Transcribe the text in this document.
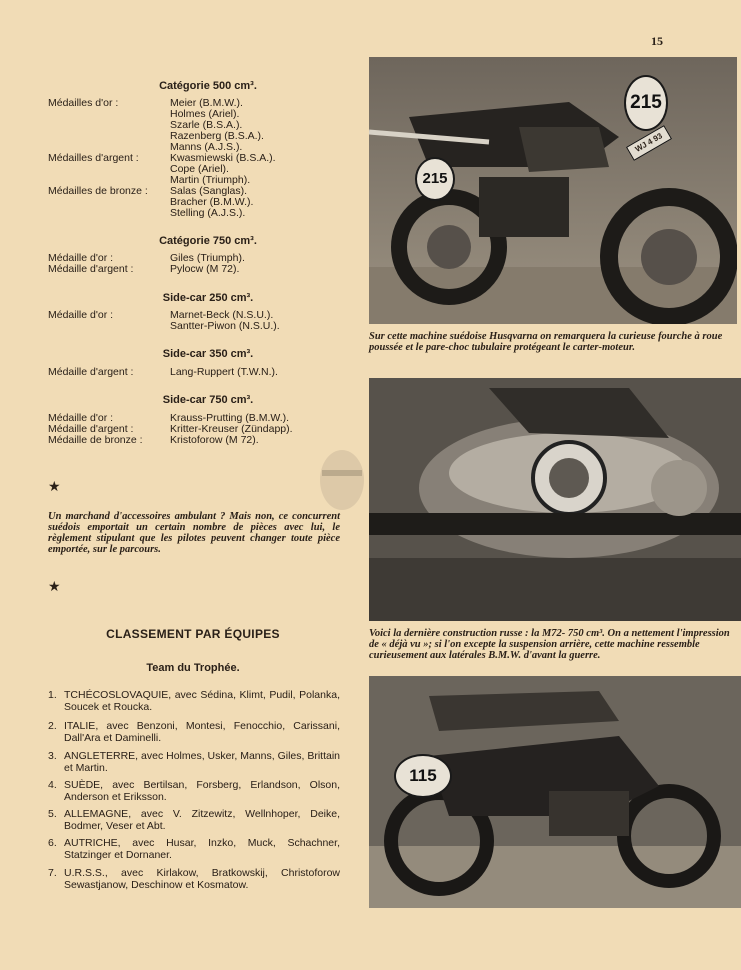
15
Catégorie 500 cm³.
Médailles d'or :	Meier (B.M.W.).
Holmes (Ariel).
Szarle (B.S.A.).
Razenberg (B.S.A.).
Manns (A.J.S.).
Médailles d'argent :	Kwasmiewski (B.S.A.).
Cope (Ariel).
Martin (Triumph).
Médailles de bronze : Salas (Sanglas).
Bracher (B.M.W.).
Stelling (A.J.S.).
Catégorie 750 cm³.
Médaille d'or :	Giles (Triumph).
Médaille d'argent :	Pylocw (M 72).
Side-car 250 cm³.
Médaille d'or :	Marnet-Beck (N.S.U.).
Santter-Piwon (N.S.U.).
Side-car 350 cm³.
Médaille d'argent :	Lang-Ruppert (T.W.N.).
Side-car 750 cm³.
Médaille d'or :	Krauss-Prutting (B.M.W.).
Médaille d'argent :	Kritter-Kreuser (Zündapp).
Médaille de bronze :	Kristoforow (M 72).
★
Un marchand d'accessoires ambulant ? Mais non, ce concurrent suédois emportait un certain nombre de pièces avec lui, le règlement stipulant que les pilotes peuvent changer toute pièce emportée, sur le parcours.
★
CLASSEMENT PAR ÉQUIPES
Team du Trophée.
1. TCHÉCOSLOVAQUIE, avec Sédina, Klimt, Pudil, Polanka, Soucek et Roucka.
2. ITALIE, avec Benzoni, Montesi, Fenocchio, Carissani, Dall'Ara et Daminelli.
3. ANGLETERRE, avec Holmes, Usker, Manns, Giles, Brittain et Martin.
4. SUÈDE, avec Bertilsan, Forsberg, Erlandson, Olson, Anderson et Eriksson.
5. ALLEMAGNE, avec V. Zitzewitz, Wellnhoper, Deike, Bodmer, Veser et Abt.
6. AUTRICHE, avec Husar, Inzko, Muck, Schachner, Statzinger et Dornaner.
7. U.R.S.S., avec Kirlakow, Bratkowskij, Christoforow Sewastjanow, Deschinow et Kosmatow.
215
WJ 4 93
215
Sur cette machine suédoise Husqvarna on remarquera la curieuse fourche à roue poussée et le pare-choc tubulaire protégeant le carter-moteur.
Voici la dernière construction russe : la M72- 750 cm³. On a nettement l'impression de « déjà vu »; si l'on excepte la suspension arrière, cette machine ressemble curieusement aux latérales B.M.W. d'avant la guerre.
115
